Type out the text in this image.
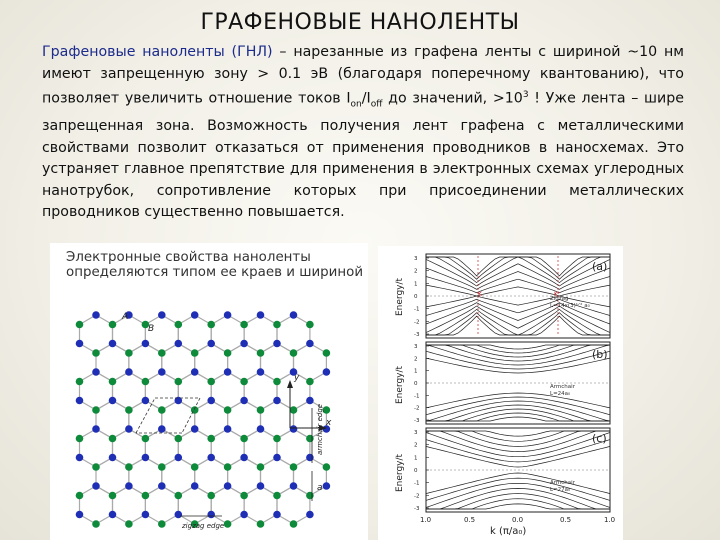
ГРАФЕНОВЫЕ НАНОЛЕНТЫ
Графеновые наноленты (ГНЛ) – нарезанные из графена ленты с шириной ~10 нм имеют запрещенную зону > 0.1 эВ (благодаря поперечному квантованию), что позволяет увеличить отношение токов $I_{on}/I_{off}$ до значений, $>10^3$ ! Уже лента – шире запрещенная зона. Возможность получения лент графена с металлическими свойствами позволит отказаться от применения проводников в наносхемах. Это устраняет главное препятствие для применения в электронных схемах углеродных нанотрубок, сопротивление которых при присоединении металлических проводников существенно повышается.
Электронные свойства наноленты определяются типом ее краев и шириной
y
x
A
B
armchair edge
a
zigzag edge
(a)
(b)
(c)
Zigzag
L=14x(3)¹ᐟ² a₀
Armchair
L=24a₀
Armchair
L=27a₀
K	K'
Energy/t
Energy/t
Energy/t
1.0	0.5	0.0	0.5	1.0
k (π/a₀)
3
2
1
0
-1
-2
-3
3
2
1
0
-1
-2
-3
3
2
1
0
-1
-2
-3
